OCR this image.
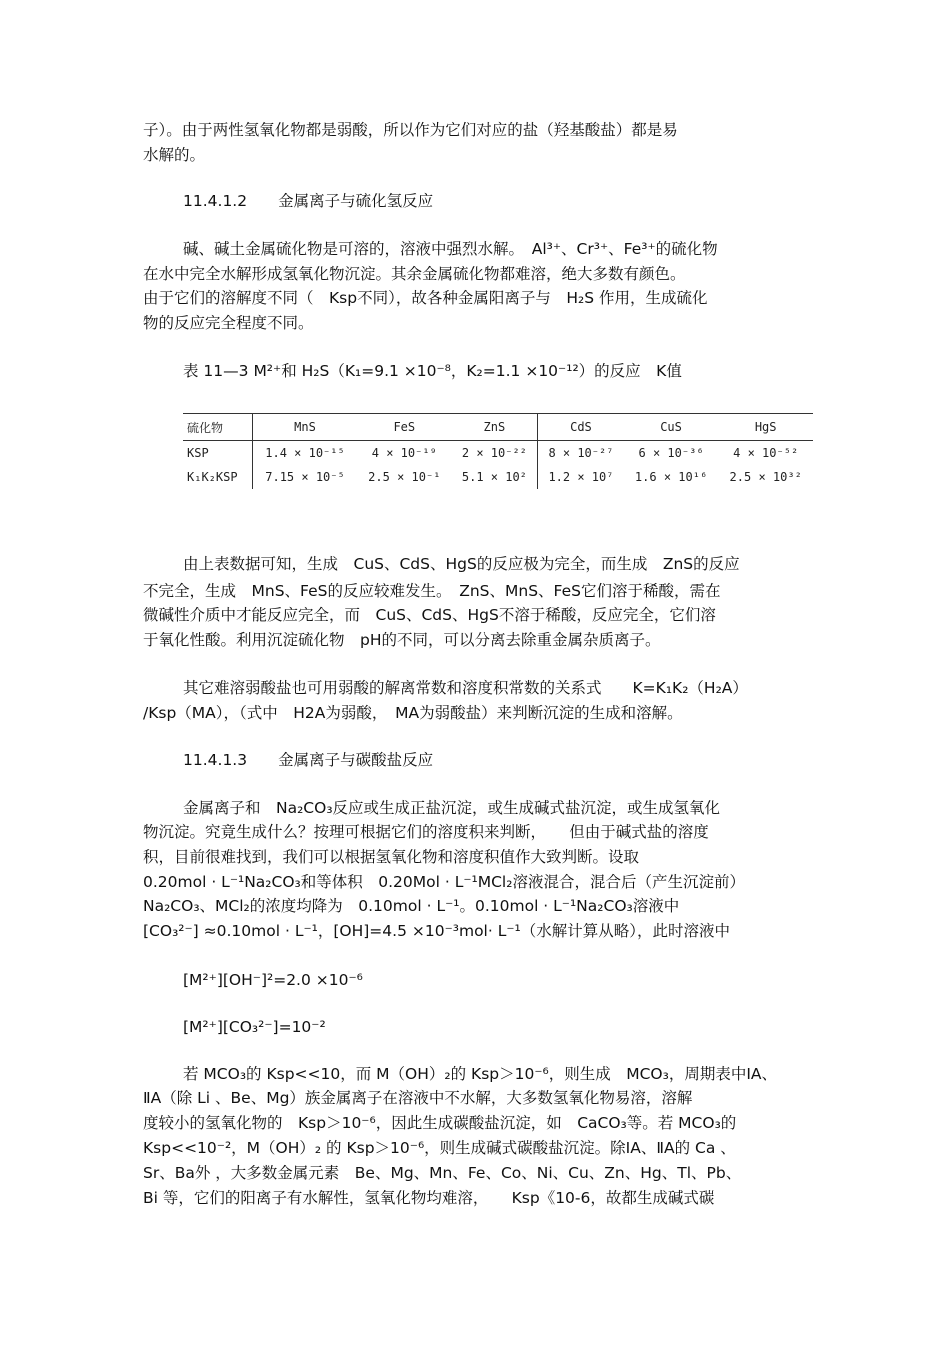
子）。由于两性氢氧化物都是弱酸，所以作为它们对应的盐（羟基酸盐）都是易
水解的。
11.4.1.2　　金属离子与硫化氢反应
碱、碱土金属硫化物是可溶的，溶液中强烈水解。　Al³⁺、Cr³⁺、Fe³⁺的硫化物
在水中完全水解形成氢氧化物沉淀。其余金属硫化物都难溶，绝大多数有颜色。
由于它们的溶解度不同（　Ksp不同），故各种金属阳离子与　H₂S 作用，生成硫化
物的反应完全程度不同。
表 11—3 M²⁺和 H₂S（K₁=9.1 ×10⁻⁸，K₂=1.1 ×10⁻¹²）的反应　K值
硫化物	MnS	FeS	ZnS	CdS	CuS	HgS
KSP	1.4 × 10⁻¹⁵	4 × 10⁻¹⁹	2 × 10⁻²²	8 × 10⁻²⁷	6 × 10⁻³⁶	4 × 10⁻⁵²
K₁K₂KSP	7.15 × 10⁻⁵	2.5 × 10⁻¹	5.1 × 10²	1.2 × 10⁷	1.6 × 10¹⁶	2.5 × 10³²
由上表数据可知，生成　CuS、CdS、HgS的反应极为完全，而生成　ZnS的反应
不完全，生成　MnS、FeS的反应较难发生。　ZnS、MnS、FeS它们溶于稀酸，需在
微碱性介质中才能反应完全，而　CuS、CdS、HgS不溶于稀酸，反应完全，它们溶
于氧化性酸。利用沉淀硫化物　pH的不同，可以分离去除重金属杂质离子。
其它难溶弱酸盐也可用弱酸的解离常数和溶度积常数的关系式　　K=K₁K₂（H₂A）
/Ksp（MA），（式中　H2A为弱酸，　MA为弱酸盐）来判断沉淀的生成和溶解。
11.4.1.3　　金属离子与碳酸盐反应
金属离子和　Na₂CO₃反应或生成正盐沉淀，或生成碱式盐沉淀，或生成氢氧化
物沉淀。究竟生成什么？按理可根据它们的溶度积来判断，　　但由于碱式盐的溶度
积，目前很难找到，我们可以根据氢氧化物和溶度积值作大致判断。设取
0.20mol · L⁻¹Na₂CO₃和等体积　0.20Mol · L⁻¹MCl₂溶液混合，混合后（产生沉淀前）
Na₂CO₃、MCl₂的浓度均降为　0.10mol · L⁻¹。0.10mol · L⁻¹Na₂CO₃溶液中
[CO₃²⁻] ≈0.10mol · L⁻¹，[OH]=4.5 ×10⁻³mol· L⁻¹（水解计算从略），此时溶液中
[M²⁺][OH⁻]²=2.0 ×10⁻⁶
[M²⁺][CO₃²⁻]=10⁻²
若 MCO₃的 Ksp<<10，而 M（OH）₂的 Ksp＞10⁻⁶，则生成　MCO₃，周期表中ⅠA、
ⅡA（除 Li 、Be、Mg）族金属离子在溶液中不水解，大多数氢氧化物易溶，溶解
度较小的氢氧化物的　Ksp＞10⁻⁶，因此生成碳酸盐沉淀，如　CaCO₃等。若 MCO₃的
Ksp<<10⁻²，M（OH）₂ 的 Ksp＞10⁻⁶，则生成碱式碳酸盐沉淀。除ⅠA、ⅡA的 Ca 、
Sr、Ba外 ，大多数金属元素　Be、Mg、Mn、Fe、Co、Ni、Cu、Zn、Hg、Tl、Pb、
Bi 等，它们的阳离子有水解性，氢氧化物均难溶，　　Ksp《10-6，故都生成碱式碳
